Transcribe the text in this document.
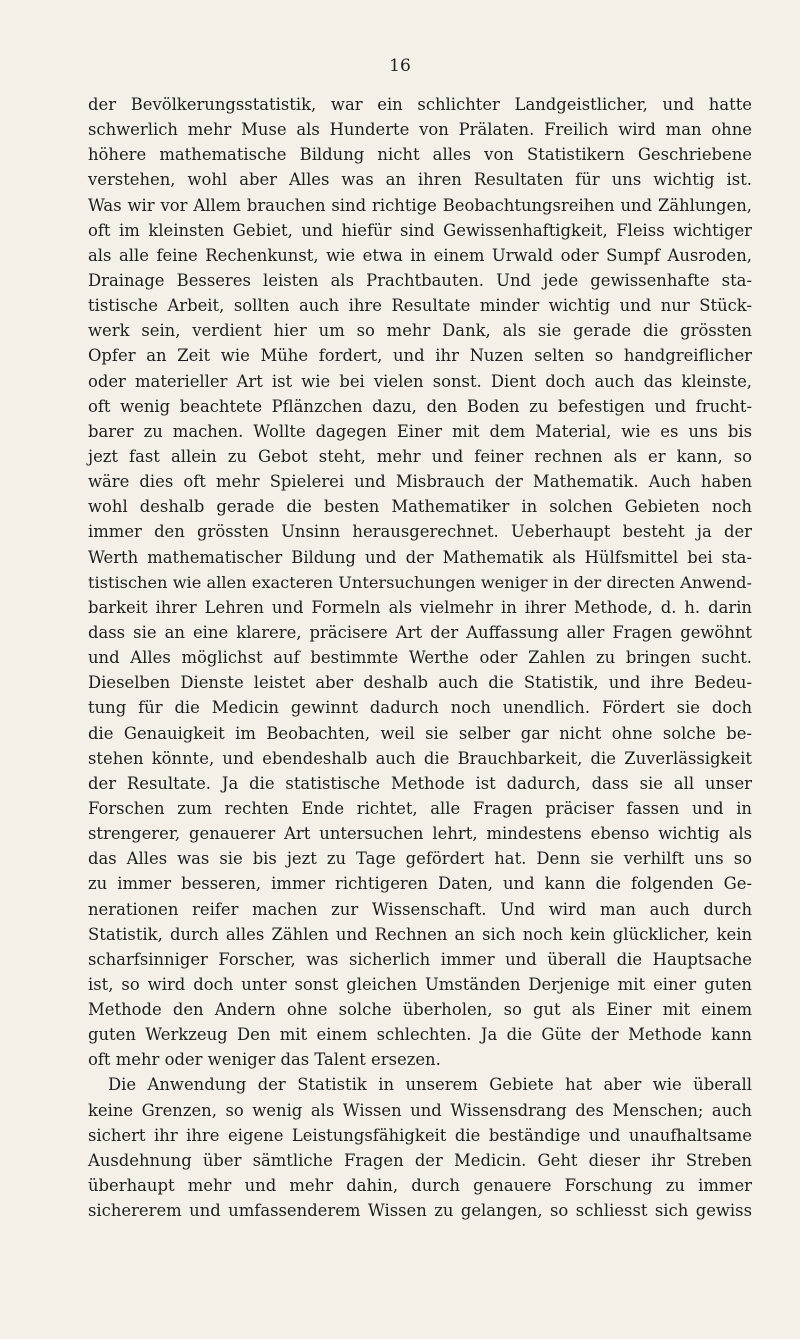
16
der Bevölkerungsstatistik, war ein schlichter Landgeistlicher, und hatte
schwerlich mehr Muse als Hunderte von Prälaten. Freilich wird man ohne
höhere mathematische Bildung nicht alles von Statistikern Geschriebene
verstehen, wohl aber Alles was an ihren Resultaten für uns wichtig ist.
Was wir vor Allem brauchen sind richtige Beobachtungsreihen und Zählungen,
oft im kleinsten Gebiet, und hiefür sind Gewissenhaftigkeit, Fleiss wichtiger
als alle feine Rechenkunst, wie etwa in einem Urwald oder Sumpf Ausroden,
Drainage Besseres leisten als Prachtbauten. Und jede gewissenhafte sta-
tistische Arbeit, sollten auch ihre Resultate minder wichtig und nur Stück-
werk sein, verdient hier um so mehr Dank, als sie gerade die grössten
Opfer an Zeit wie Mühe fordert, und ihr Nuzen selten so handgreiflicher
oder materieller Art ist wie bei vielen sonst. Dient doch auch das kleinste,
oft wenig beachtete Pflänzchen dazu, den Boden zu befestigen und frucht-
barer zu machen. Wollte dagegen Einer mit dem Material, wie es uns bis
jezt fast allein zu Gebot steht, mehr und feiner rechnen als er kann, so
wäre dies oft mehr Spielerei und Misbrauch der Mathematik. Auch haben
wohl deshalb gerade die besten Mathematiker in solchen Gebieten noch
immer den grössten Unsinn herausgerechnet. Ueberhaupt besteht ja der
Werth mathematischer Bildung und der Mathematik als Hülfsmittel bei sta-
tistischen wie allen exacteren Untersuchungen weniger in der directen Anwend-
barkeit ihrer Lehren und Formeln als vielmehr in ihrer Methode, d. h. darin
dass sie an eine klarere, präcisere Art der Auffassung aller Fragen gewöhnt
und Alles möglichst auf bestimmte Werthe oder Zahlen zu bringen sucht.
Dieselben Dienste leistet aber deshalb auch die Statistik, und ihre Bedeu-
tung für die Medicin gewinnt dadurch noch unendlich. Fördert sie doch
die Genauigkeit im Beobachten, weil sie selber gar nicht ohne solche be-
stehen könnte, und ebendeshalb auch die Brauchbarkeit, die Zuverlässigkeit
der Resultate. Ja die statistische Methode ist dadurch, dass sie all unser
Forschen zum rechten Ende richtet, alle Fragen präciser fassen und in
strengerer, genauerer Art untersuchen lehrt, mindestens ebenso wichtig als
das Alles was sie bis jezt zu Tage gefördert hat. Denn sie verhilft uns so
zu immer besseren, immer richtigeren Daten, und kann die folgenden Ge-
nerationen reifer machen zur Wissenschaft. Und wird man auch durch
Statistik, durch alles Zählen und Rechnen an sich noch kein glücklicher, kein
scharfsinniger Forscher, was sicherlich immer und überall die Hauptsache
ist, so wird doch unter sonst gleichen Umständen Derjenige mit einer guten
Methode den Andern ohne solche überholen, so gut als Einer mit einem
guten Werkzeug Den mit einem schlechten. Ja die Güte der Methode kann
oft mehr oder weniger das Talent ersezen.
Die Anwendung der Statistik in unserem Gebiete hat aber wie überall
keine Grenzen, so wenig als Wissen und Wissensdrang des Menschen; auch
sichert ihr ihre eigene Leistungsfähigkeit die beständige und unaufhaltsame
Ausdehnung über sämtliche Fragen der Medicin. Geht dieser ihr Streben
überhaupt mehr und mehr dahin, durch genauere Forschung zu immer
sichererem und umfassenderem Wissen zu gelangen, so schliesst sich gewiss
